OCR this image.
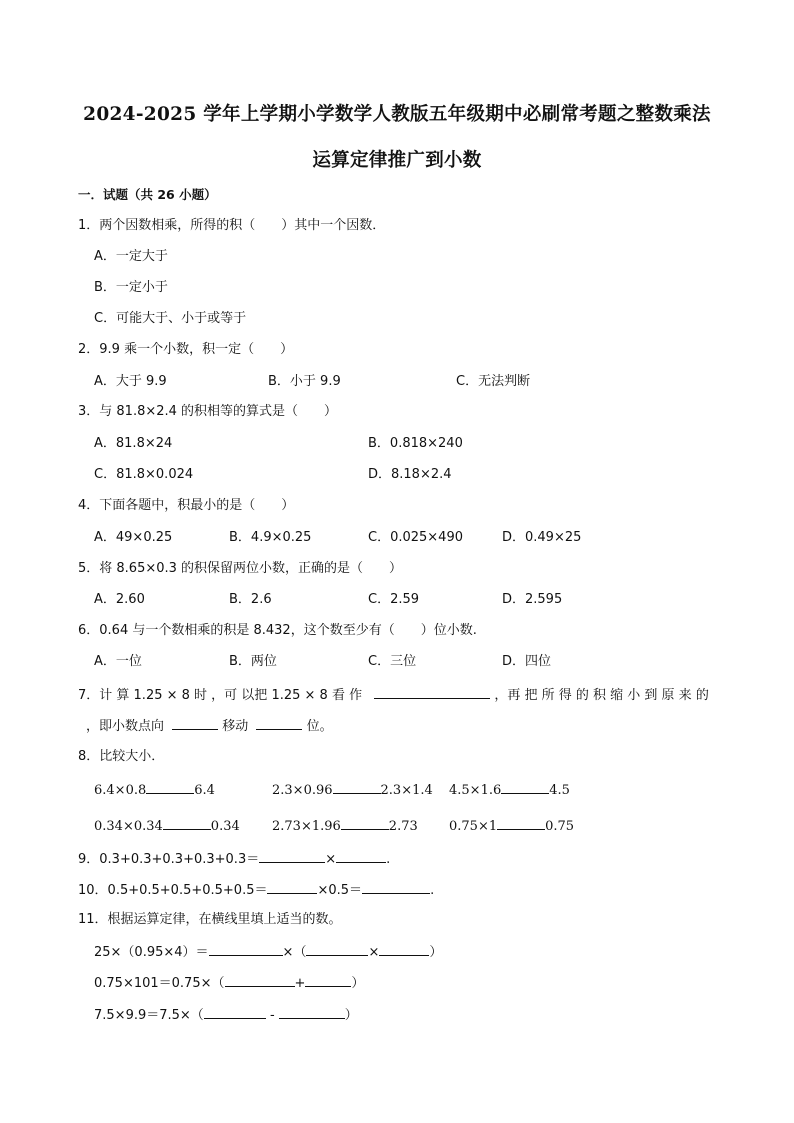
2024-2025 学年上学期小学数学人教版五年级期中必刷常考题之整数乘法
运算定律推广到小数
一．试题（共 26 小题）
1．两个因数相乘，所得的积（　　）其中一个因数．
A．一定大于
B．一定小于
C．可能大于、小于或等于
2．9.9 乘一个小数，积一定（　　）
A．大于 9.9	B．小于 9.9	C．无法判断
3．与 81.8×2.4 的积相等的算式是（　　）
A．81.8×24	B．0.818×240
C．81.8×0.024	D．8.18×2.4
4．下面各题中，积最小的是（　　）
A．49×0.25	B．4.9×0.25	C．0.025×490	D．0.49×25
5．将 8.65×0.3 的积保留两位小数，正确的是（　　）
A．2.60	B．2.6	C．2.59	D．2.595
6．0.64 与一个数相乘的积是 8.432，这个数至少有（　　）位小数.
A．一位	B．两位	C．三位	D．四位
7．计 算 1.25 × 8 时 ，可 以把 1.25 × 8 看 作	，再 把 所 得 的 积 缩 小 到 原 来 的
，即小数点向	移动	位。
8．比较大小．
6.4×0.8	6.4	2.3×0.96	2.3×1.4 4.5×1.6	4.5
0.34×0.34	0.34 2.73×1.96	2.73 0.75×1	0.75
9．0.3+0.3+0.3+0.3+0.3＝	×	.
10．0.5+0.5+0.5+0.5+0.5＝	×0.5＝	.
11．根据运算定律，在横线里填上适当的数。
25×（0.95×4）＝	×（	×	）
0.75×101＝0.75×（	+	）
7.5×9.9＝7.5×（	-	）
